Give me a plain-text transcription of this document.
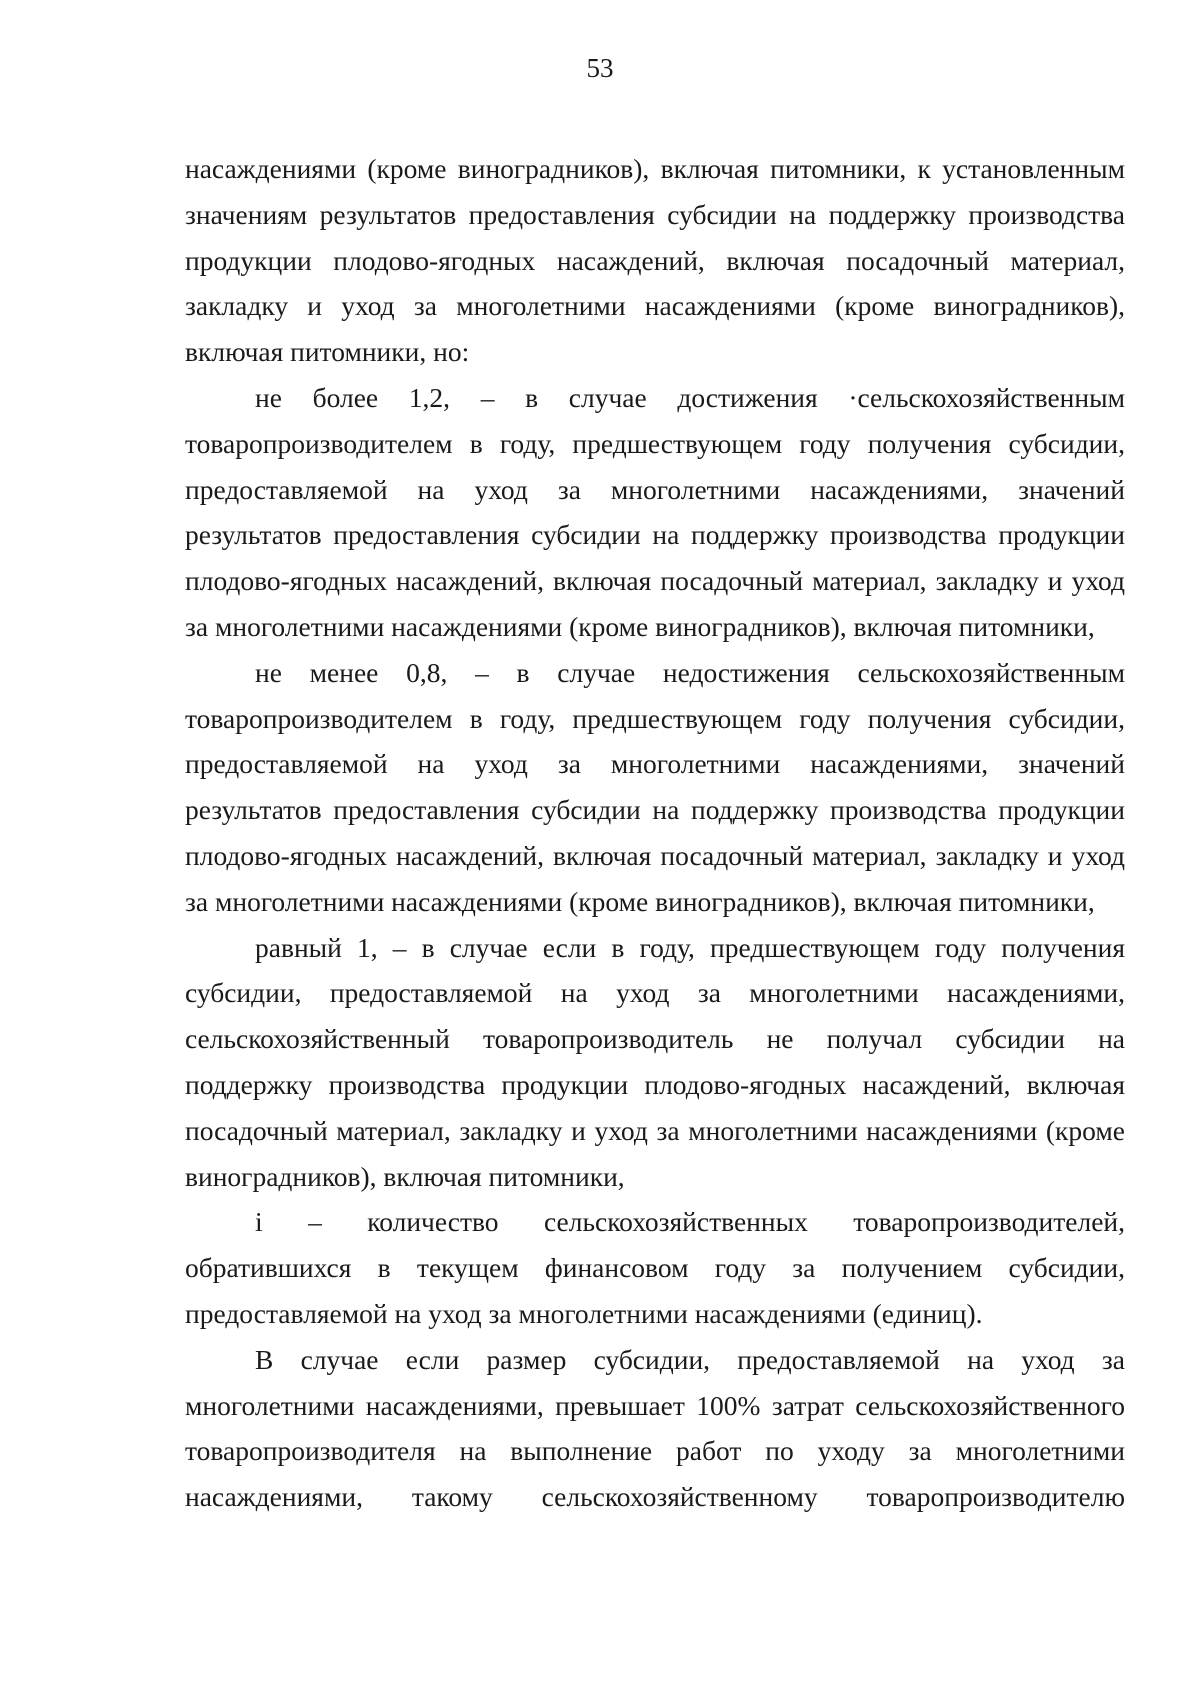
53
насаждениями (кроме виноградников), включая питомники, к установленным
значениям результатов предоставления субсидии на поддержку производства
продукции плодово-ягодных насаждений, включая посадочный материал,
закладку и уход за многолетними насаждениями (кроме виноградников),
включая питомники, но:
не более 1,2, – в случае достижения ·сельскохозяйственным
товаропроизводителем в году, предшествующем году получения субсидии,
предоставляемой на уход за многолетними насаждениями, значений
результатов предоставления субсидии на поддержку производства продукции
плодово-ягодных насаждений, включая посадочный материал, закладку и уход
за многолетними насаждениями (кроме виноградников), включая питомники,
не менее 0,8, – в случае недостижения сельскохозяйственным
товаропроизводителем в году, предшествующем году получения субсидии,
предоставляемой на уход за многолетними насаждениями, значений
результатов предоставления субсидии на поддержку производства продукции
плодово-ягодных насаждений, включая посадочный материал, закладку и уход
за многолетними насаждениями (кроме виноградников), включая питомники,
равный 1, – в случае если в году, предшествующем году получения
субсидии, предоставляемой на уход за многолетними насаждениями,
сельскохозяйственный товаропроизводитель не получал субсидии на
поддержку производства продукции плодово-ягодных насаждений, включая
посадочный материал, закладку и уход за многолетними насаждениями (кроме
виноградников), включая питомники,
i – количество сельскохозяйственных товаропроизводителей,
обратившихся в текущем финансовом году за получением субсидии,
предоставляемой на уход за многолетними насаждениями (единиц).
В случае если размер субсидии, предоставляемой на уход за
многолетними насаждениями, превышает 100% затрат сельскохозяйственного
товаропроизводителя на выполнение работ по уходу за многолетними
насаждениями, такому сельскохозяйственному товаропроизводителю
